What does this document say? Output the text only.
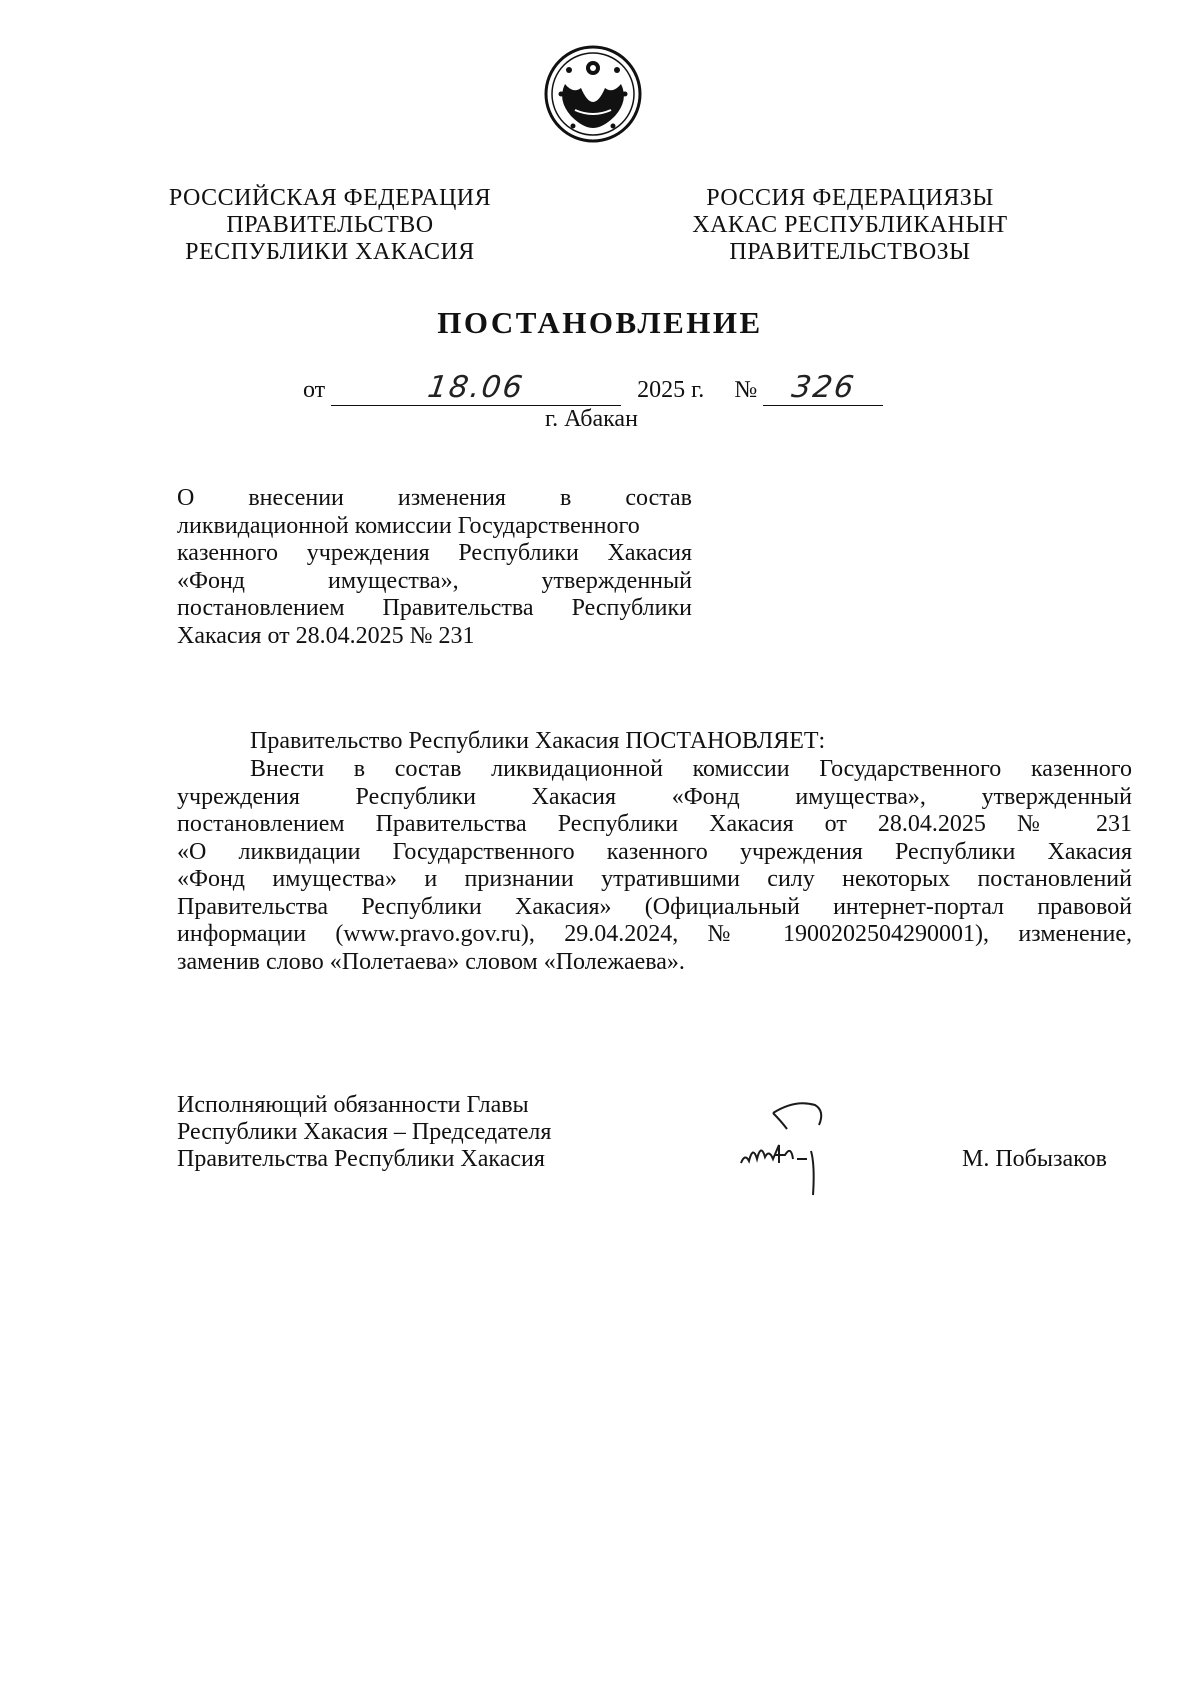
РОССИЙСКАЯ ФЕДЕРАЦИЯ
ПРАВИТЕЛЬСТВО
РЕСПУБЛИКИ ХАКАСИЯ
РОССИЯ ФЕДЕРАЦИЯЗЫ
ХАКАС РЕСПУБЛИКАНЫҤ
ПРАВИТЕЛЬСТВОЗЫ
ПОСТАНОВЛЕНИЕ
от	18.06	2025 г. № 326
г. Абакан
О внесении изменения в состав
ликвидационной комиссии Государственного
казенного учреждения Республики Хакасия
«Фонд имущества», утвержденный
постановлением Правительства Республики
Хакасия от 28.04.2025 № 231
Правительство Республики Хакасия ПОСТАНОВЛЯЕТ:
Внести в состав ликвидационной комиссии Государственного казенного
учреждения Республики Хакасия «Фонд имущества», утвержденный
постановлением Правительства Республики Хакасия от 28.04.2025 № 231
«О ликвидации Государственного казенного учреждения Республики Хакасия
«Фонд имущества» и признании утратившими силу некоторых постановлений
Правительства Республики Хакасия» (Официальный интернет-портал правовой
информации (www.pravo.gov.ru), 29.04.2024, № 1900202504290001), изменение,
заменив слово «Полетаева» словом «Полежаева».
Исполняющий обязанности Главы
Республики Хакасия – Председателя
Правительства Республики Хакасия	М. Побызаков
